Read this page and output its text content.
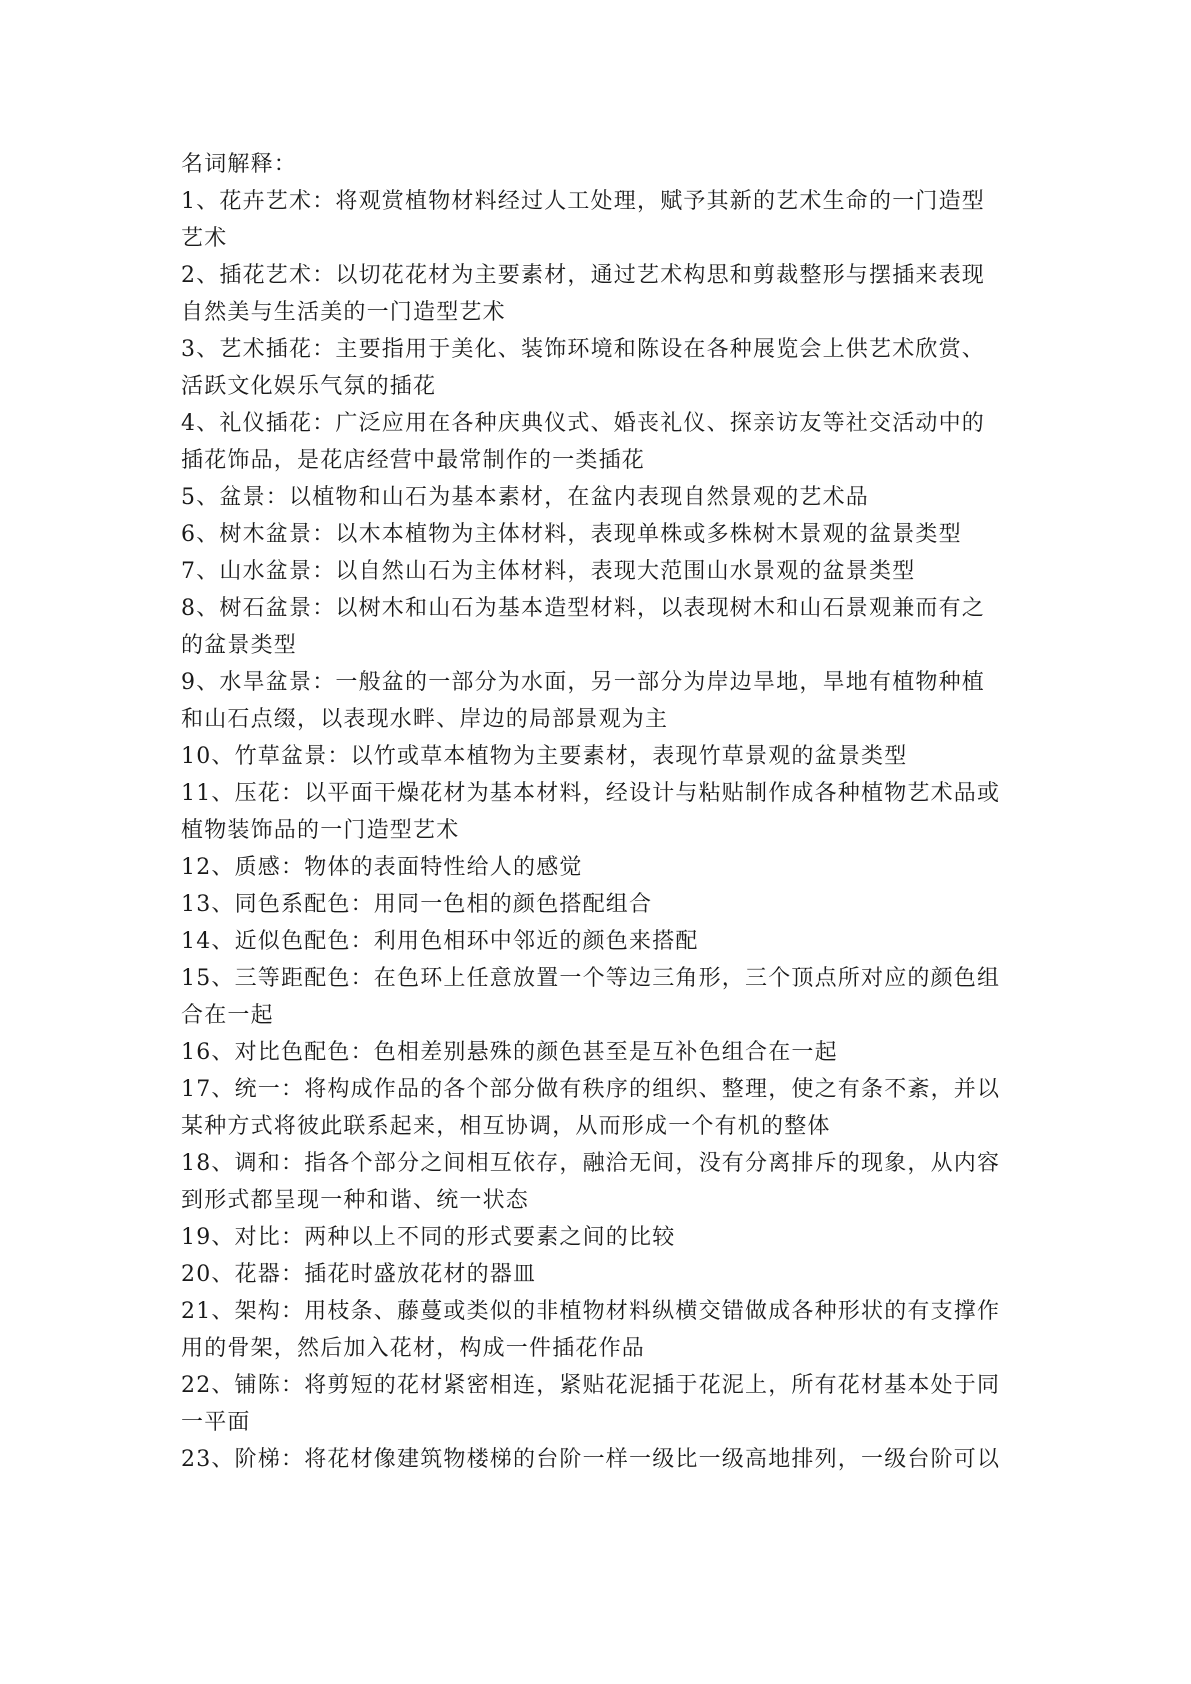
名词解释：
1、花卉艺术：将观赏植物材料经过人工处理，赋予其新的艺术生命的一门造型
艺术
2、插花艺术：以切花花材为主要素材，通过艺术构思和剪裁整形与摆插来表现
自然美与生活美的一门造型艺术
3、艺术插花：主要指用于美化、装饰环境和陈设在各种展览会上供艺术欣赏、
活跃文化娱乐气氛的插花
4、礼仪插花：广泛应用在各种庆典仪式、婚丧礼仪、探亲访友等社交活动中的
插花饰品，是花店经营中最常制作的一类插花
5、盆景：以植物和山石为基本素材，在盆内表现自然景观的艺术品
6、树木盆景：以木本植物为主体材料，表现单株或多株树木景观的盆景类型
7、山水盆景：以自然山石为主体材料，表现大范围山水景观的盆景类型
8、树石盆景：以树木和山石为基本造型材料，以表现树木和山石景观兼而有之
的盆景类型
9、水旱盆景：一般盆的一部分为水面，另一部分为岸边旱地，旱地有植物种植
和山石点缀，以表现水畔、岸边的局部景观为主
10、竹草盆景：以竹或草本植物为主要素材，表现竹草景观的盆景类型
11、压花：以平面干燥花材为基本材料，经设计与粘贴制作成各种植物艺术品或
植物装饰品的一门造型艺术
12、质感：物体的表面特性给人的感觉
13、同色系配色：用同一色相的颜色搭配组合
14、近似色配色：利用色相环中邻近的颜色来搭配
15、三等距配色：在色环上任意放置一个等边三角形，三个顶点所对应的颜色组
合在一起
16、对比色配色：色相差别悬殊的颜色甚至是互补色组合在一起
17、统一：将构成作品的各个部分做有秩序的组织、整理，使之有条不紊，并以
某种方式将彼此联系起来，相互协调，从而形成一个有机的整体
18、调和：指各个部分之间相互依存，融洽无间，没有分离排斥的现象，从内容
到形式都呈现一种和谐、统一状态
19、对比：两种以上不同的形式要素之间的比较
20、花器：插花时盛放花材的器皿
21、架构：用枝条、藤蔓或类似的非植物材料纵横交错做成各种形状的有支撑作
用的骨架，然后加入花材，构成一件插花作品
22、铺陈：将剪短的花材紧密相连，紧贴花泥插于花泥上，所有花材基本处于同
一平面
23、阶梯：将花材像建筑物楼梯的台阶一样一级比一级高地排列，一级台阶可以
